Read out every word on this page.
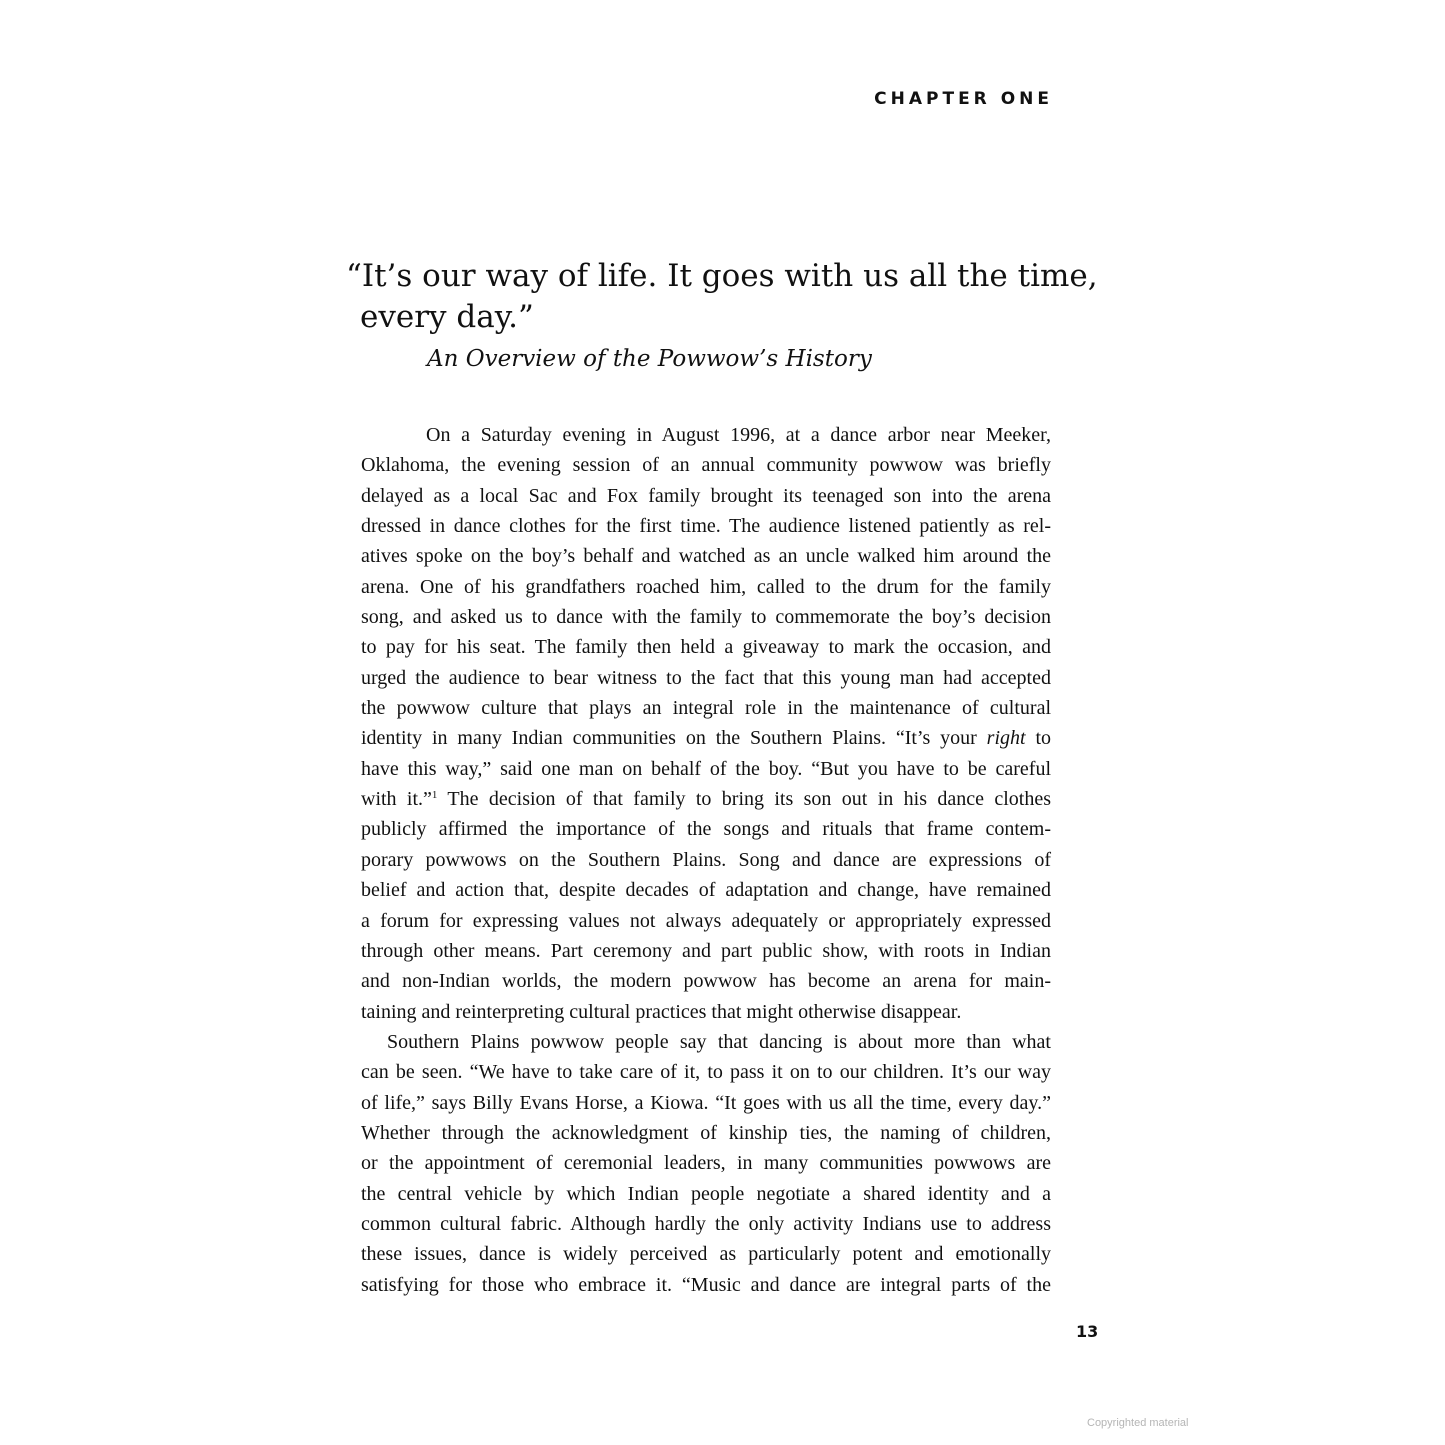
CHAPTER ONE
“It’s our way of life. It goes with us all the time,
every day.”
An Overview of the Powwow’s History
On a Saturday evening in August 1996, at a dance arbor near Meeker,
Oklahoma, the evening session of an annual community powwow was briefly
delayed as a local Sac and Fox family brought its teenaged son into the arena
dressed in dance clothes for the first time. The audience listened patiently as rel-
atives spoke on the boy’s behalf and watched as an uncle walked him around the
arena. One of his grandfathers roached him, called to the drum for the family
song, and asked us to dance with the family to commemorate the boy’s decision
to pay for his seat. The family then held a giveaway to mark the occasion, and
urged the audience to bear witness to the fact that this young man had accepted
the powwow culture that plays an integral role in the maintenance of cultural
identity in many Indian communities on the Southern Plains. “It’s your right to
have this way,” said one man on behalf of the boy. “But you have to be careful
with it.”$^1$ The decision of that family to bring its son out in his dance clothes
publicly affirmed the importance of the songs and rituals that frame contem-
porary powwows on the Southern Plains. Song and dance are expressions of
belief and action that, despite decades of adaptation and change, have remained
a forum for expressing values not always adequately or appropriately expressed
through other means. Part ceremony and part public show, with roots in Indian
and non-Indian worlds, the modern powwow has become an arena for main-
taining and reinterpreting cultural practices that might otherwise disappear.
Southern Plains powwow people say that dancing is about more than what
can be seen. “We have to take care of it, to pass it on to our children. It’s our way
of life,” says Billy Evans Horse, a Kiowa. “It goes with us all the time, every day.”
Whether through the acknowledgment of kinship ties, the naming of children,
or the appointment of ceremonial leaders, in many communities powwows are
the central vehicle by which Indian people negotiate a shared identity and a
common cultural fabric. Although hardly the only activity Indians use to address
these issues, dance is widely perceived as particularly potent and emotionally
satisfying for those who embrace it. “Music and dance are integral parts of the
13
Copyrighted material
